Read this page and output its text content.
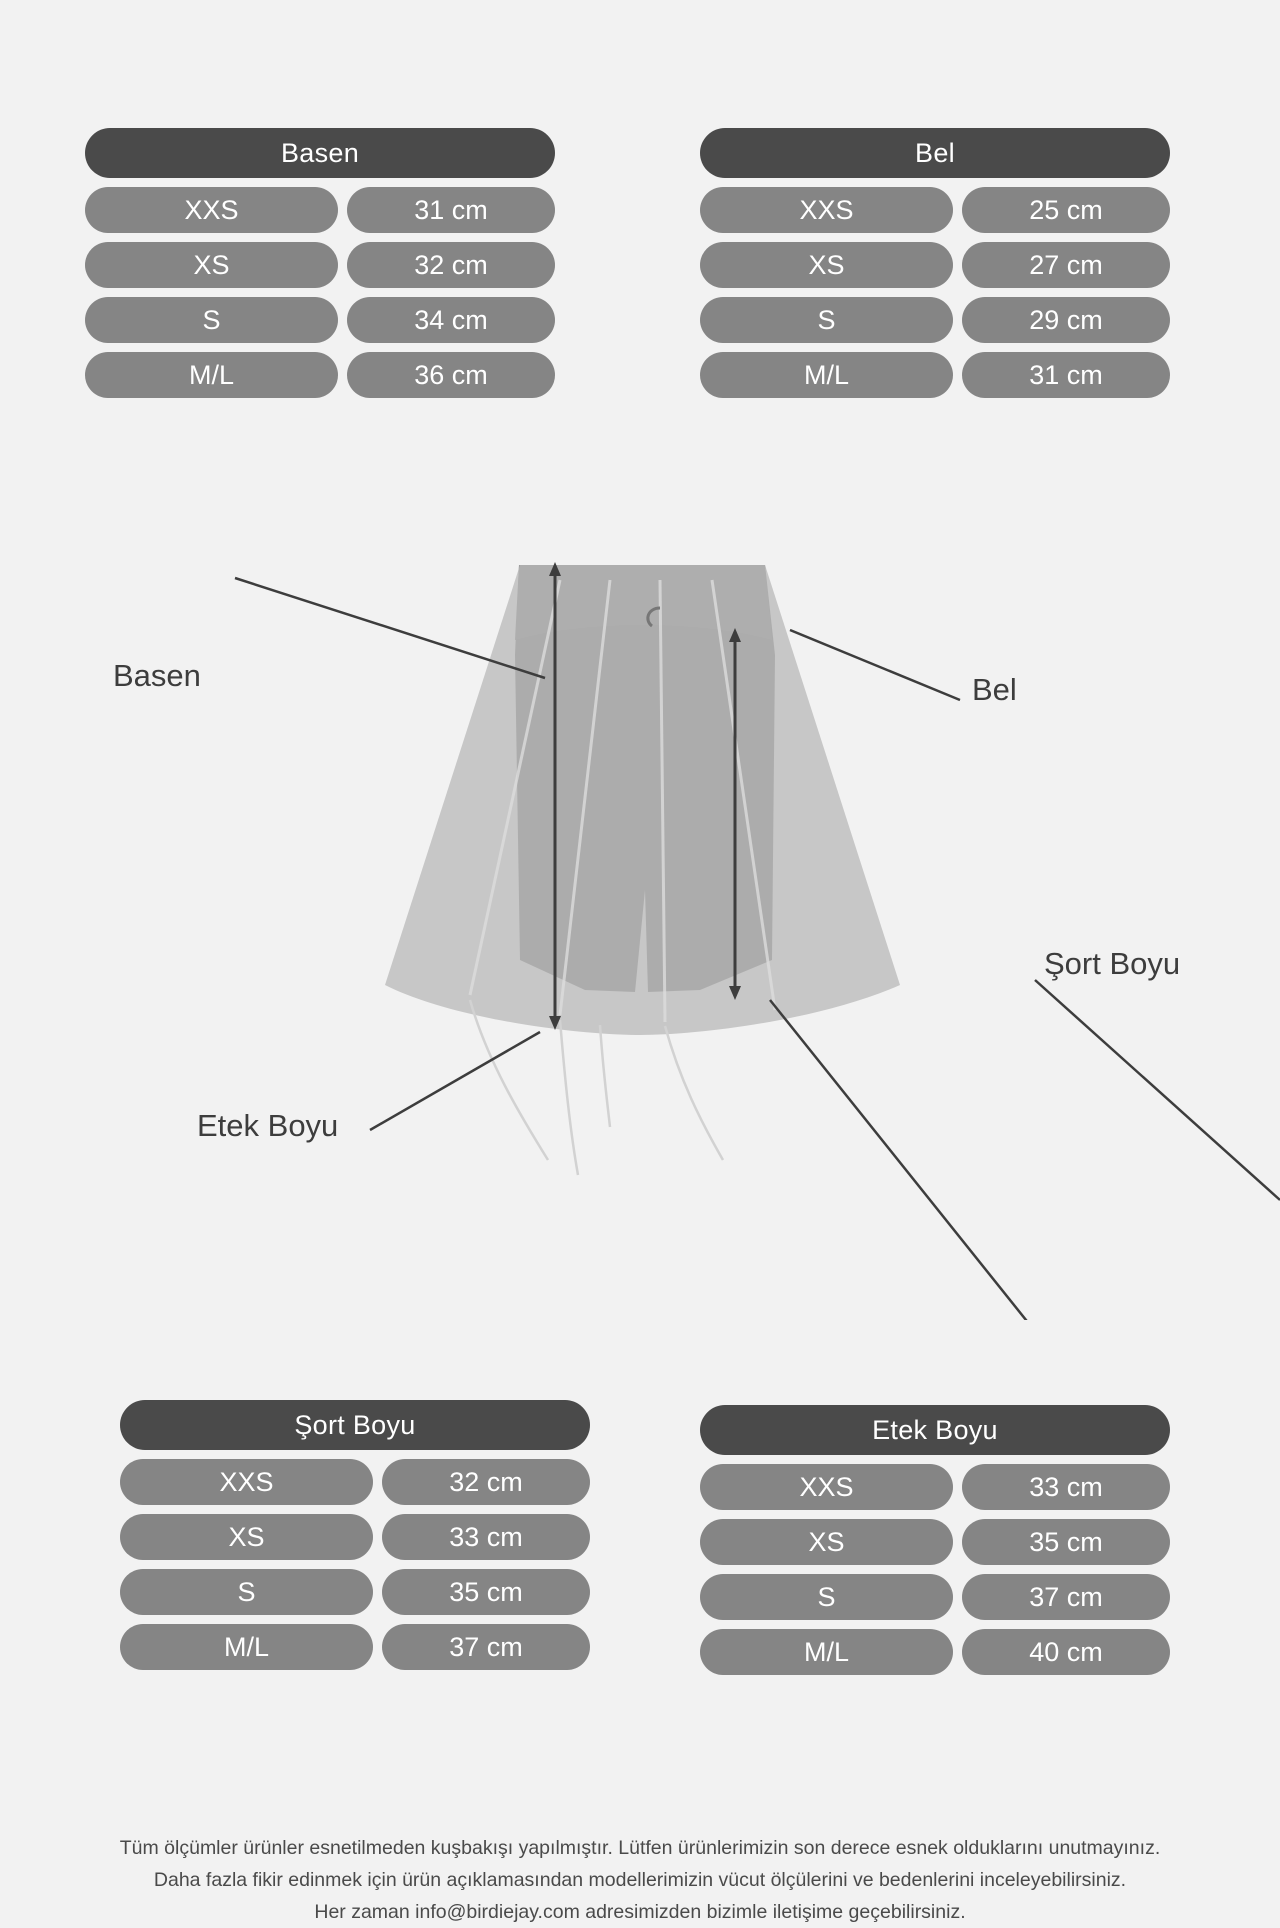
Basen
XXS	31 cm
XS	32 cm
S	34 cm
M/L	36 cm
Bel
XXS	25 cm
XS	27 cm
S	29 cm
M/L	31 cm
Basen	Bel
Şort Boyu
Etek Boyu
Şort Boyu
XXS	32 cm
XS	33 cm
S	35 cm
M/L	37 cm
Etek Boyu
XXS	33 cm
XS	35 cm
S	37 cm
M/L	40 cm
Tüm ölçümler ürünler esnetilmeden kuşbakışı yapılmıştır. Lütfen ürünlerimizin son derece esnek olduklarını unutmayınız.
Daha fazla fikir edinmek için ürün açıklamasından modellerimizin vücut ölçülerini ve bedenlerini inceleyebilirsiniz.
Her zaman info@birdiejay.com adresimizden bizimle iletişime geçebilirsiniz.
